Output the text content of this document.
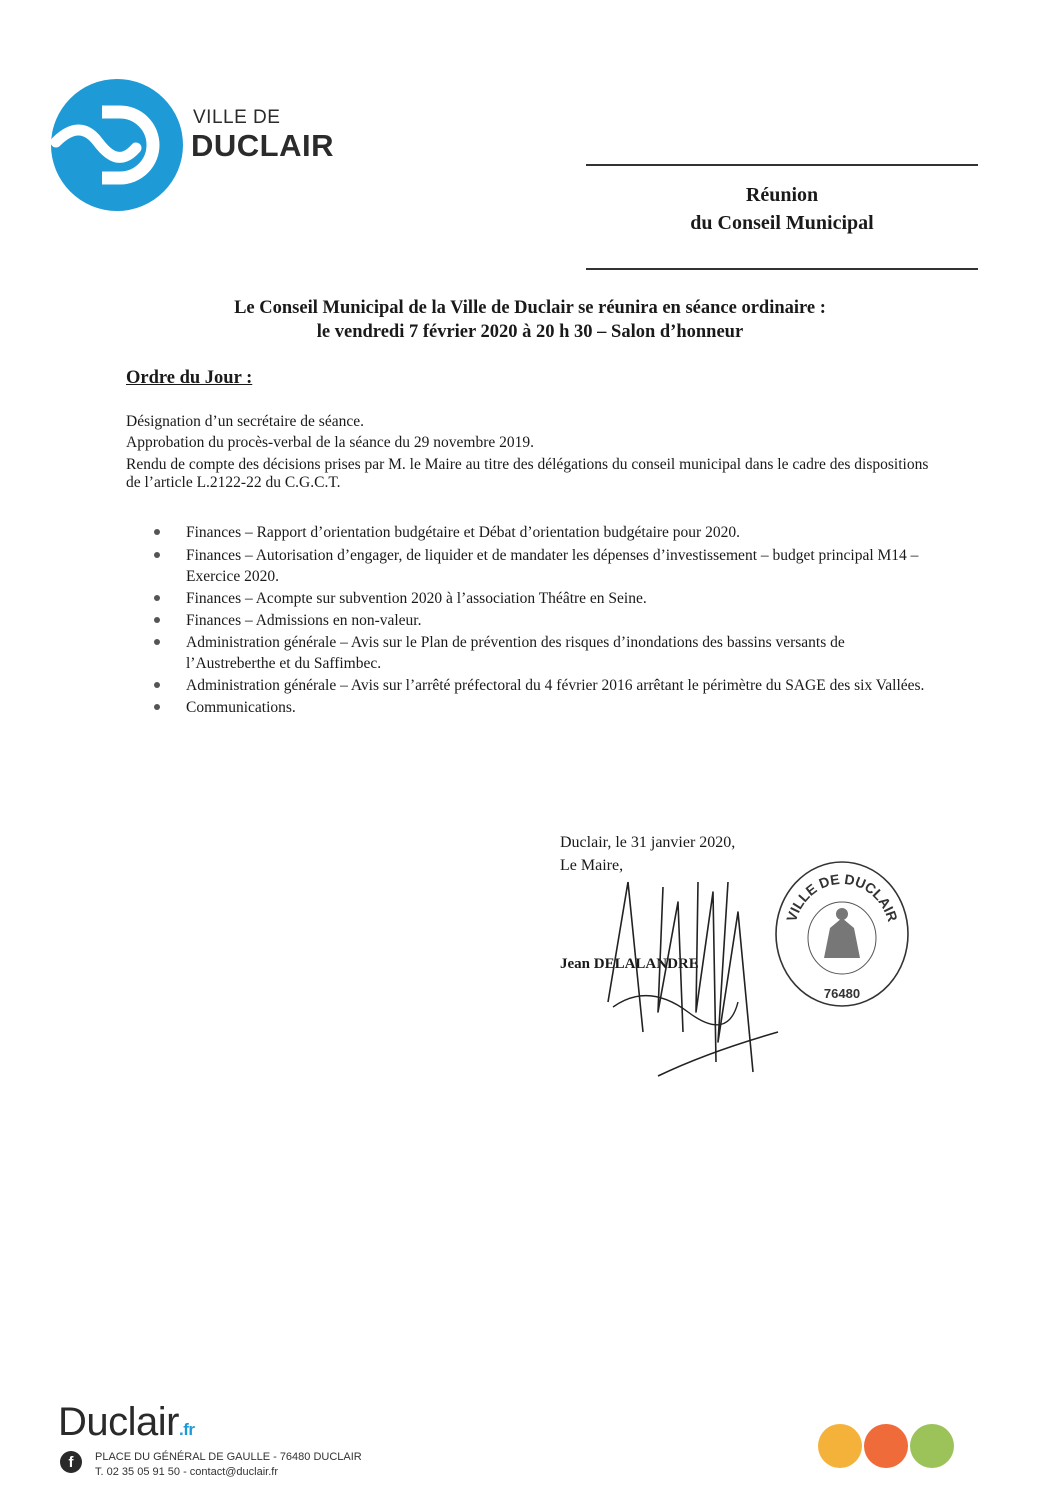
VILLE DE
DUCLAIR
Réunion
du Conseil Municipal
Le Conseil Municipal de la Ville de Duclair se réunira en séance ordinaire :
le vendredi 7 février 2020 à 20 h 30 – Salon d’honneur
Ordre du Jour :
Désignation d’un secrétaire de séance.
Approbation du procès-verbal de la séance du 29 novembre 2019.
Rendu de compte des décisions prises par M. le Maire au titre des délégations du conseil municipal dans le cadre des dispositions de l’article L.2122-22 du C.G.C.T.
Finances – Rapport d’orientation budgétaire et Débat d’orientation budgétaire pour 2020.
Finances – Autorisation d’engager, de liquider et de mandater les dépenses d’investissement – budget principal M14 – Exercice 2020.
Finances – Acompte sur subvention 2020 à l’association Théâtre en Seine.
Finances – Admissions en non-valeur.
Administration générale – Avis sur le Plan de prévention des risques d’inondations des bassins versants de l’Austreberthe et du Saffimbec.
Administration générale – Avis sur l’arrêté préfectoral du 4 février 2016 arrêtant le périmètre du SAGE des six Vallées.
Communications.
Duclair, le 31 janvier 2020,
Le Maire,
Jean DELALANDRE
VILLE DE DUCLAIR
76480
Duclair.fr
f	PLACE DU GÉNÉRAL DE GAULLE - 76480 DUCLAIR
T. 02 35 05 91 50 - contact@duclair.fr
